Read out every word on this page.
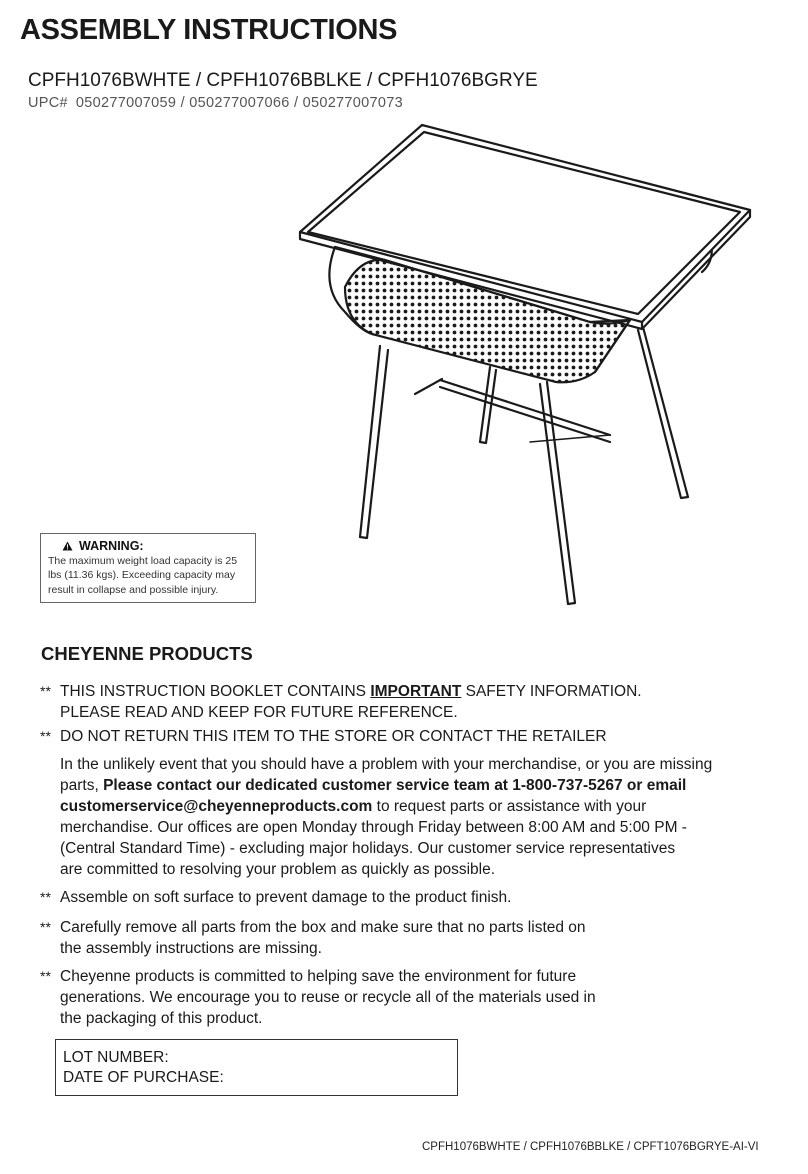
ASSEMBLY INSTRUCTIONS
CPFH1076BWHTE / CPFH1076BBLKE / CPFH1076BGRYE
UPC# 050277007059 / 050277007066 / 050277007073
WARNING:
The maximum weight load capacity is 25
lbs (11.36 kgs). Exceeding capacity may
result in collapse and possible injury.
CHEYENNE PRODUCTS
** THIS INSTRUCTION BOOKLET CONTAINS IMPORTANT SAFETY INFORMATION.
PLEASE READ AND KEEP FOR FUTURE REFERENCE.
** DO NOT RETURN THIS ITEM TO THE STORE OR CONTACT THE RETAILER
In the unlikely event that you should have a problem with your merchandise, or you are missing
parts, Please contact our dedicated customer service team at 1-800-737-5267 or email
customerservice@cheyenneproducts.com to request parts or assistance with your
merchandise. Our offices are open Monday through Friday between 8:00 AM and 5:00 PM -
(Central Standard Time) - excluding major holidays. Our customer service representatives
are committed to resolving your problem as quickly as possible.
** Assemble on soft surface to prevent damage to the product finish.
** Carefully remove all parts from the box and make sure that no parts listed on
the assembly instructions are missing.
** Cheyenne products is committed to helping save the environment for future
generations. We encourage you to reuse or recycle all of the materials used in
the packaging of this product.
LOT NUMBER:
DATE OF PURCHASE:
CPFH1076BWHTE / CPFH1076BBLKE / CPFT1076BGRYE-AI-VI
